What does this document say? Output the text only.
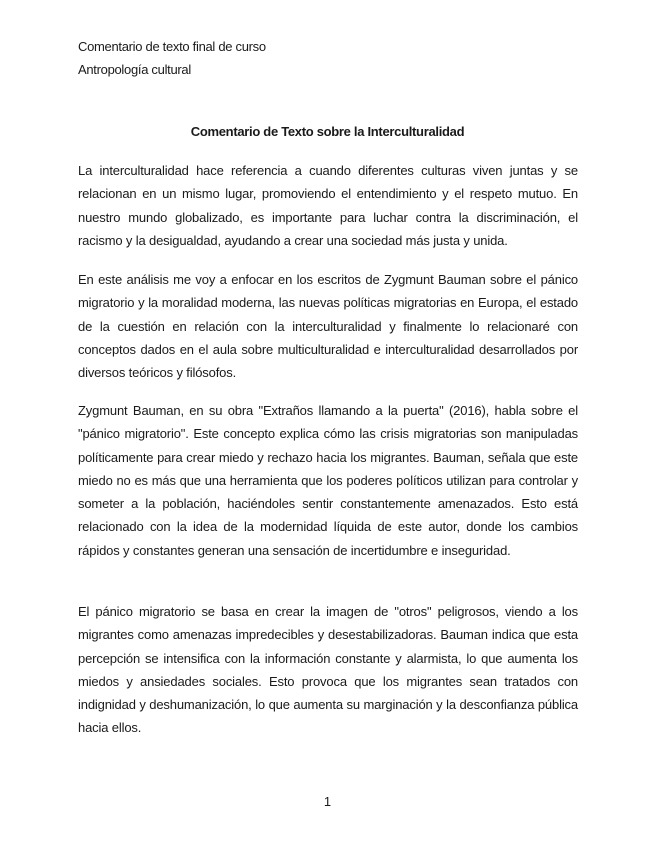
Comentario de texto final de curso
Antropología cultural
Comentario de Texto sobre la Interculturalidad

La interculturalidad hace referencia a cuando diferentes culturas viven juntas y se relacionan en un mismo lugar, promoviendo el entendimiento y el respeto mutuo. En nuestro mundo globalizado, es importante para luchar contra la discriminación, el racismo y la desigualdad, ayudando a crear una sociedad más justa y unida.

En este análisis me voy a enfocar en los escritos de Zygmunt Bauman sobre el pánico migratorio y la moralidad moderna, las nuevas políticas migratorias en Europa, el estado de la cuestión en relación con la interculturalidad y finalmente lo relacionaré con conceptos dados en el aula sobre multiculturalidad e interculturalidad desarrollados por diversos teóricos y filósofos.

Zygmunt Bauman, en su obra "Extraños llamando a la puerta" (2016), habla sobre el "pánico migratorio". Este concepto explica cómo las crisis migratorias son manipuladas políticamente para crear miedo y rechazo hacia los migrantes. Bauman, señala que este miedo no es más que una herramienta que los poderes políticos utilizan para controlar y someter a la población, haciéndoles sentir constantemente amenazados. Esto está relacionado con la idea de la modernidad líquida de este autor, donde los cambios rápidos y constantes generan una sensación de incertidumbre e inseguridad.

El pánico migratorio se basa en crear la imagen de "otros" peligrosos, viendo a los migrantes como amenazas impredecibles y desestabilizadoras. Bauman indica que esta percepción se intensifica con la información constante y alarmista, lo que aumenta los miedos y ansiedades sociales. Esto provoca que los migrantes sean tratados con indignidad y deshumanización, lo que aumenta su marginación y la desconfianza pública hacia ellos.

1
